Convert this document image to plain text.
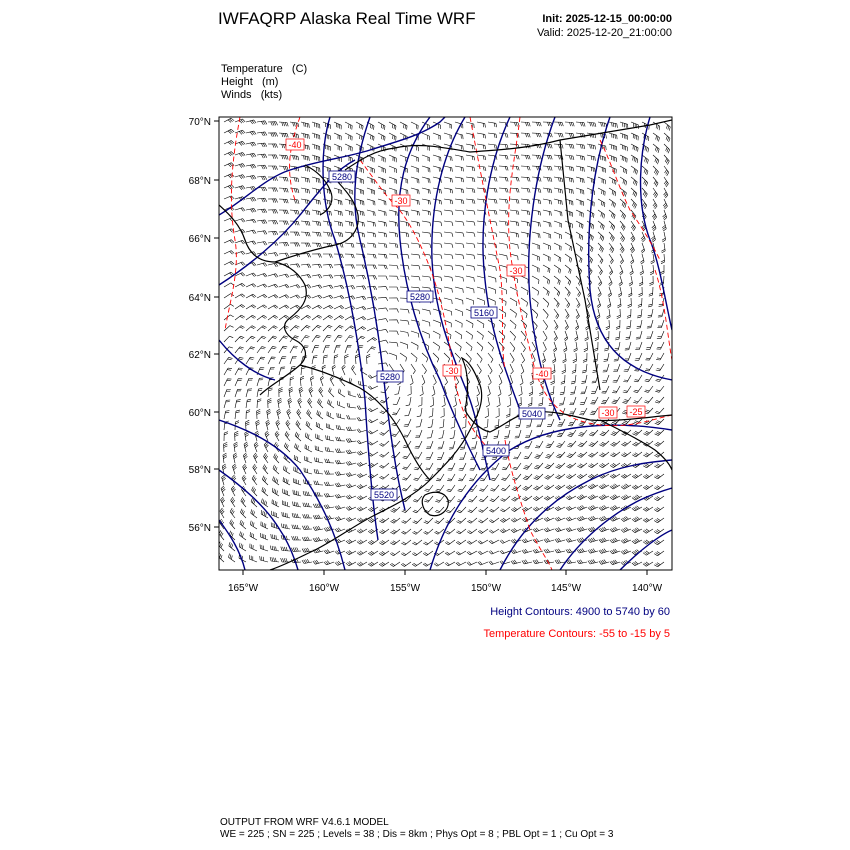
IWFAQRP Alaska Real Time WRF	Init: 2025-12-15_00:00:00
Valid: 2025-12-20_21:00:00
Temperature   (C)
Height   (m)
Winds   (kts)
5280
5280
5160
5280
5040
5400
5520
-40
-30
-30
-30	-40
-25
-30
70°N
68°N
66°N
64°N
62°N
60°N
58°N
56°N
165°W	160°W	155°W	150°W	145°W	140°W
Height Contours: 4900 to 5740 by 60
Temperature Contours: -55 to -15 by 5
OUTPUT FROM WRF V4.6.1 MODEL
WE = 225 ; SN = 225 ; Levels = 38 ; Dis = 8km ; Phys Opt = 8 ; PBL Opt = 1 ; Cu Opt = 3
